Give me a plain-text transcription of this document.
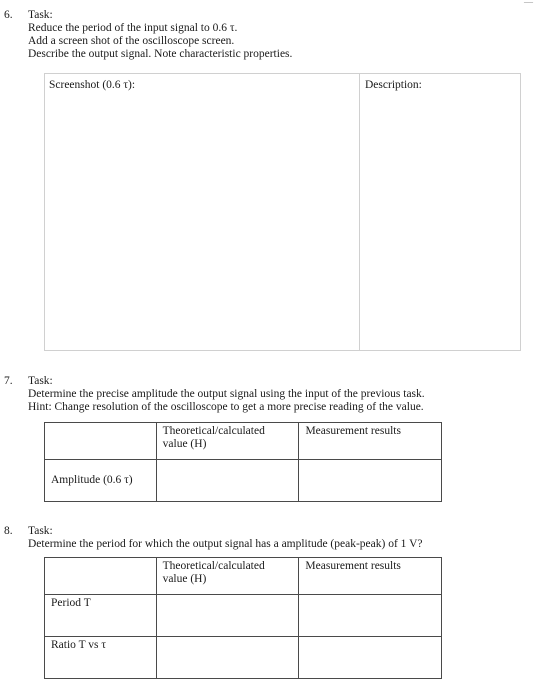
—
6. Task:
Reduce the period of the input signal to 0.6 τ.
Add a screen shot of the oscilloscope screen.
Describe the output signal. Note characteristic properties.
Screenshot (0.6 τ):	Description:
7. Task:
Determine the precise amplitude the output signal using the input of the previous task.
Hint: Change resolution of the oscilloscope to get a more precise reading of the value.
	Theoretical/calculated value (H)	Measurement results
Amplitude (0.6 τ)		
8. Task:
Determine the period for which the output signal has a amplitude (peak-peak) of 1 V?
	Theoretical/calculated value (H)	Measurement results
Period T		
Ratio T vs τ		
